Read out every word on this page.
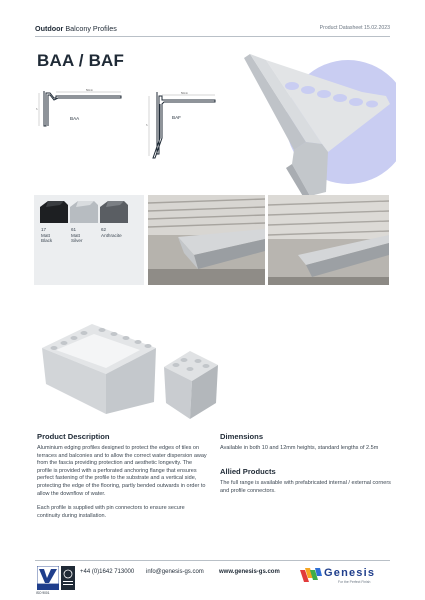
Outdoor Balcony Profiles	Product Datasheet 15.02.2023
BAA / BAF
50mm
h
BAA
50mm
h
BAF
17
Matt Black
61
Matt Silver
62
Anthracite
Product Description

Aluminium edging profiles designed to protect the edges of tiles on terraces and balconies and to allow the correct water dispersion away from the fascia providing protection and aesthetic longevity. The profile is provided with a perforated anchoring flange that ensures perfect fastening of the profile to the substrate and a vertical side, protecting the edge of the flooring, partly bended outwards in order to allow the downflow of water.

Each profile is supplied with pin connectors to ensure secure continuity during installation.

Dimensions
Available in both 10 and 12mm heights, standard lengths of 2.5m
Allied Products
The full range is available with prefabricated internal / external corners and profile connectors.
ISO 9001
+44 (0)1642 713000 info@genesis-gs.com	www.genesis-gs.com	Genesis
For the Perfect Finish
